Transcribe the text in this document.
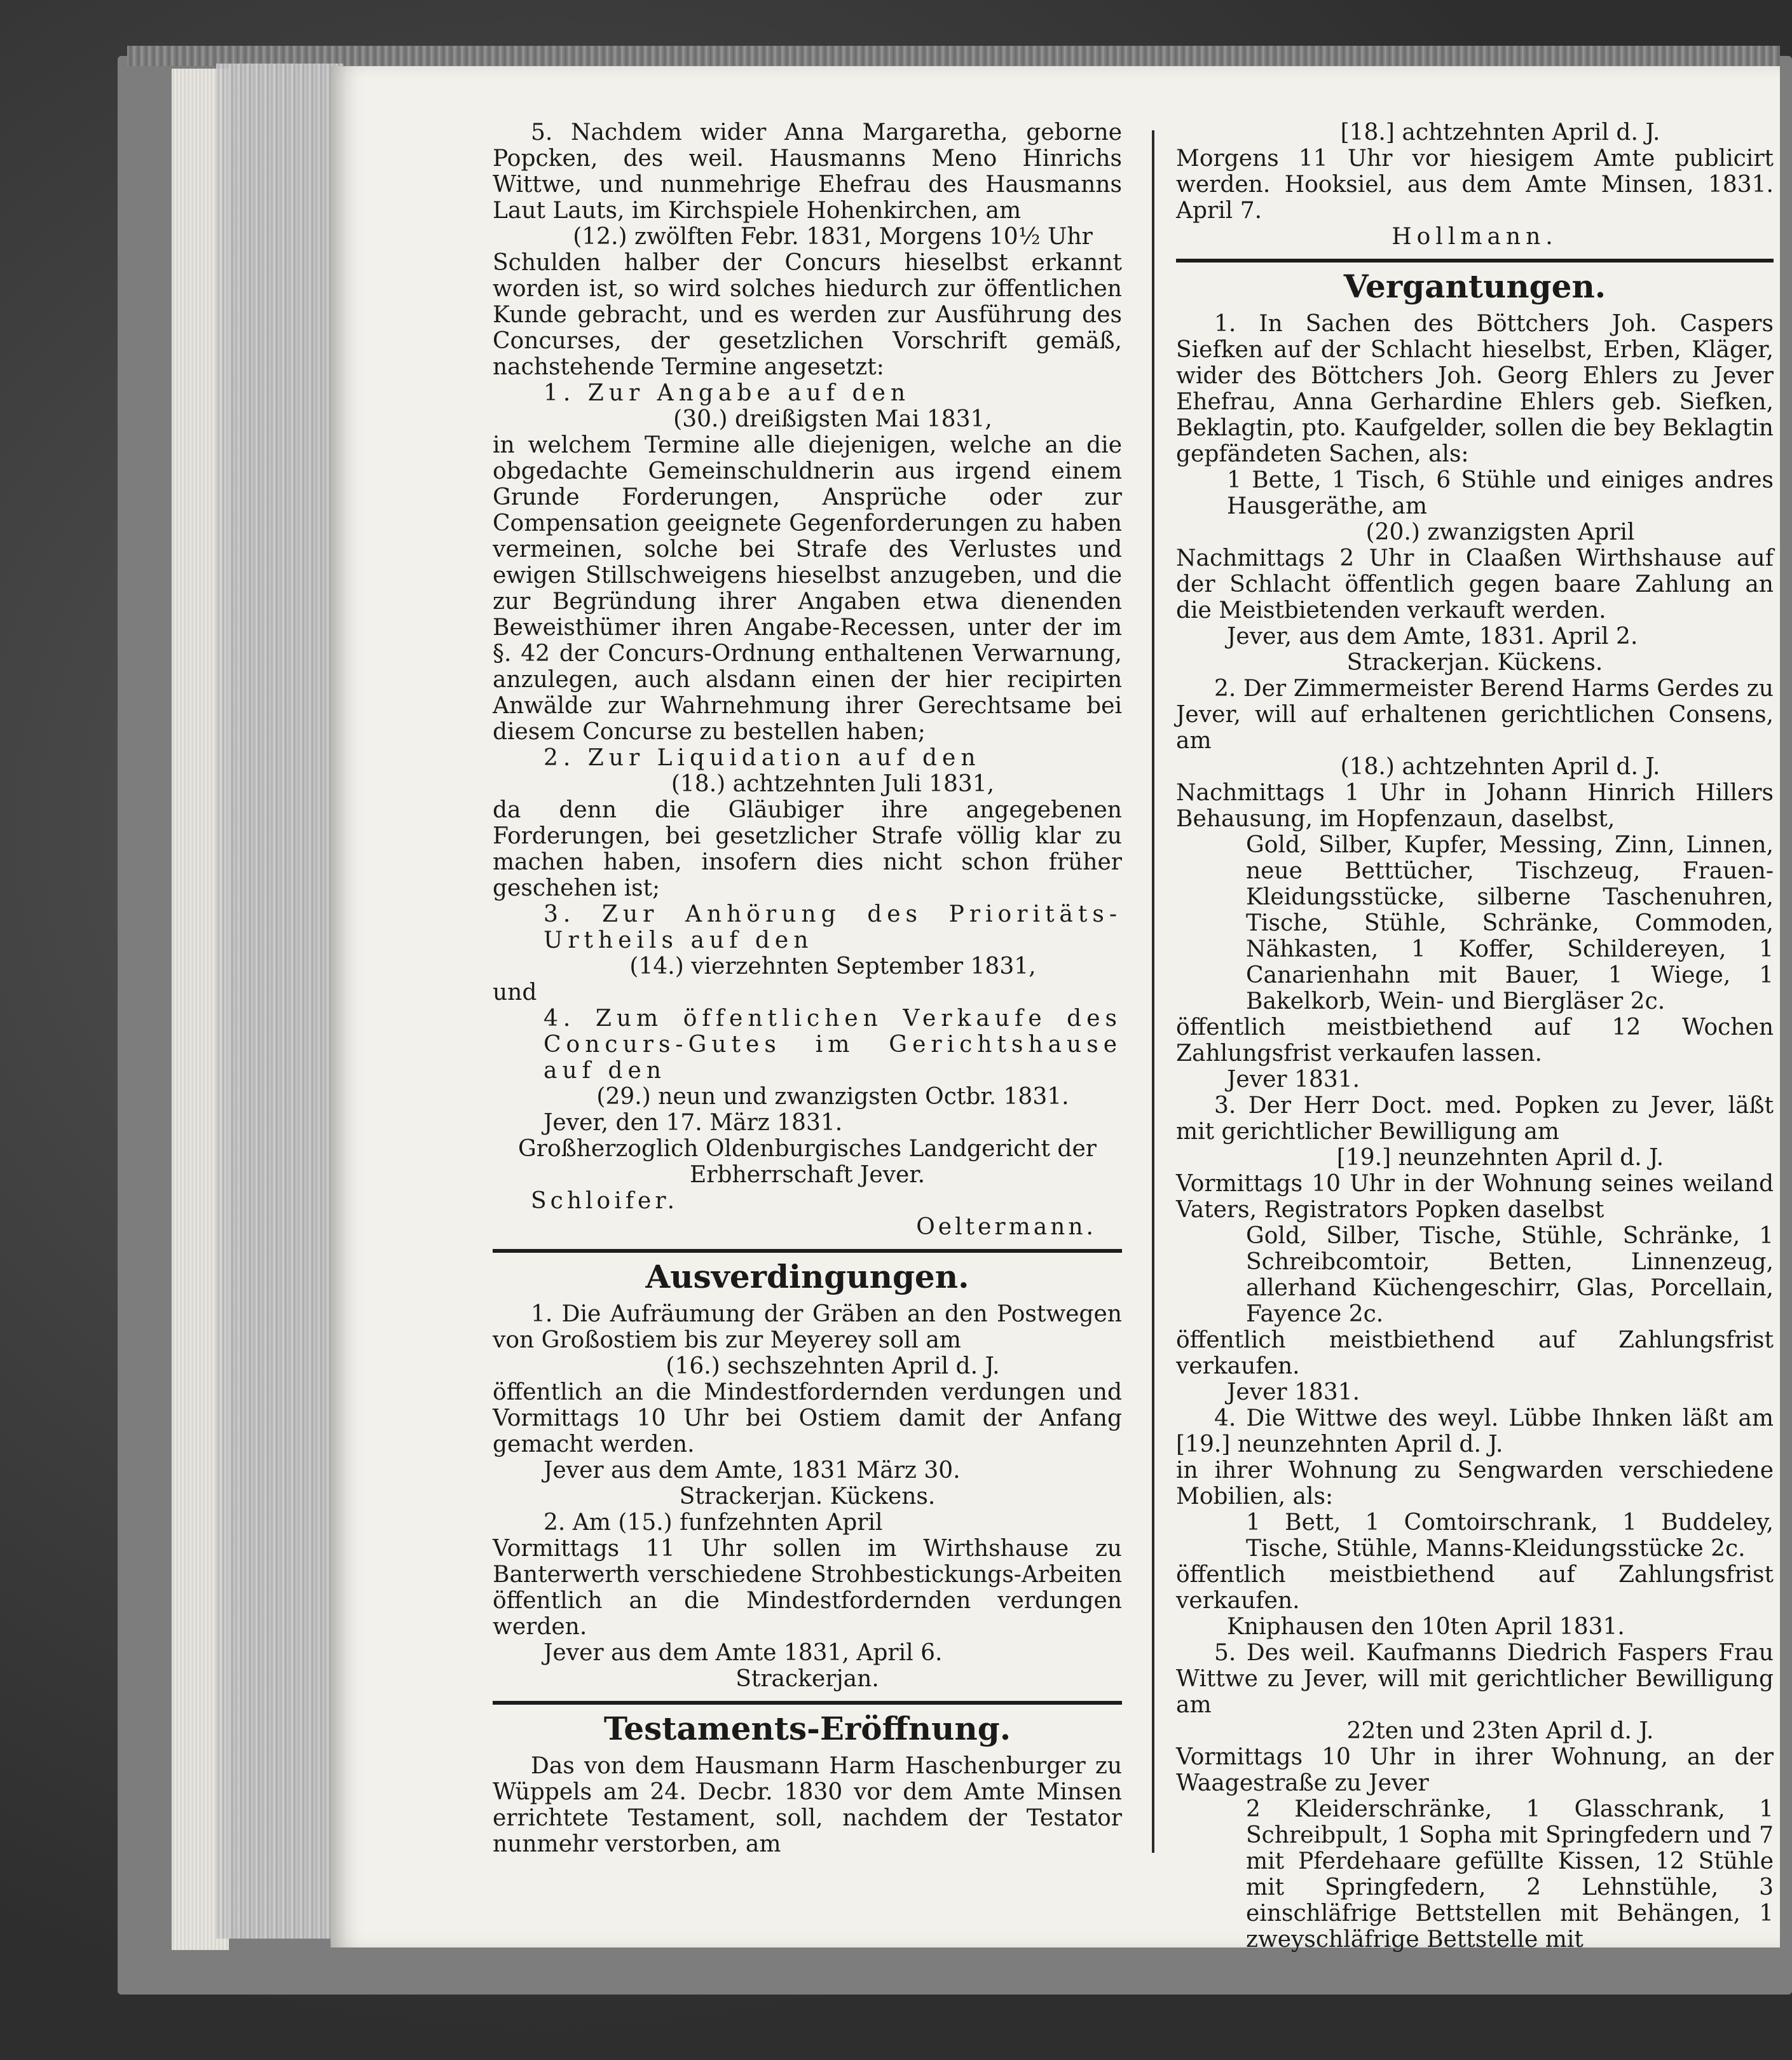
5. Nachdem wider Anna Margaretha, geborne Popcken, des weil. Hausmanns Meno Hinrichs Wittwe, und nunmehrige Ehefrau des Hausmanns Laut Lauts, im Kirchspiele Hohenkirchen, am

(12.) zwölften Febr. 1831, Morgens 10½ Uhr

Schulden halber der Concurs hieselbst erkannt worden ist, so wird solches hiedurch zur öffentlichen Kunde gebracht, und es werden zur Ausführung des Concurses, der gesetzlichen Vorschrift gemäß, nachstehende Termine angesetzt:

1. Zur Angabe auf den

(30.) dreißigsten Mai 1831,

in welchem Termine alle diejenigen, welche an die obgedachte Gemeinschuldnerin aus irgend einem Grunde Forderungen, Ansprüche oder zur Compensation geeignete Gegenforderungen zu haben vermeinen, solche bei Strafe des Verlustes und ewigen Stillschweigens hieselbst anzugeben, und die zur Begründung ihrer Angaben etwa dienenden Beweisthümer ihren Angabe-Recessen, unter der im §. 42 der Concurs-Ordnung enthaltenen Verwarnung, anzulegen, auch alsdann einen der hier recipirten Anwälde zur Wahrnehmung ihrer Gerechtsame bei diesem Concurse zu bestellen haben;

2. Zur Liquidation auf den

(18.) achtzehnten Juli 1831,

da denn die Gläubiger ihre angegebenen Forderungen, bei gesetzlicher Strafe völlig klar zu machen haben, insofern dies nicht schon früher geschehen ist;

3. Zur Anhörung des Prioritäts-Urtheils auf den

(14.) vierzehnten September 1831,

und

4. Zum öffentlichen Verkaufe des Concurs-Gutes im Gerichtshause auf den

(29.) neun und zwanzigsten Octbr. 1831.

Jever, den 17. März 1831.

Großherzoglich Oldenburgisches Landgericht der Erbherrschaft Jever.

Schloifer.

Oeltermann.

Ausverdingungen.

1. Die Aufräumung der Gräben an den Postwegen von Großostiem bis zur Meyerey soll am

(16.) sechszehnten April d. J.

öffentlich an die Mindestfordernden verdungen und Vormittags 10 Uhr bei Ostiem damit der Anfang gemacht werden.

Jever aus dem Amte, 1831 März 30.

Strackerjan. Kückens.

2. Am (15.) funfzehnten April

Vormittags 11 Uhr sollen im Wirthshause zu Banterwerth verschiedene Strohbestickungs-Arbeiten öffentlich an die Mindestfordernden verdungen werden.

Jever aus dem Amte 1831, April 6.

Strackerjan.

Testaments-Eröffnung.

Das von dem Hausmann Harm Haschenburger zu Wüppels am 24. Decbr. 1830 vor dem Amte Minsen errichtete Testament, soll, nachdem der Testator nunmehr verstorben, am

[18.] achtzehnten April d. J.

Morgens 11 Uhr vor hiesigem Amte publicirt werden. Hooksiel, aus dem Amte Minsen, 1831. April 7.

Hollmann.

Vergantungen.

1. In Sachen des Böttchers Joh. Caspers Siefken auf der Schlacht hieselbst, Erben, Kläger, wider des Böttchers Joh. Georg Ehlers zu Jever Ehefrau, Anna Gerhardine Ehlers geb. Siefken, Beklagtin, pto. Kaufgelder, sollen die bey Beklagtin gepfändeten Sachen, als:

1 Bette, 1 Tisch, 6 Stühle und einiges andres Hausgeräthe, am

(20.) zwanzigsten April

Nachmittags 2 Uhr in Claaßen Wirthshause auf der Schlacht öffentlich gegen baare Zahlung an die Meistbietenden verkauft werden.

Jever, aus dem Amte, 1831. April 2.

Strackerjan. Kückens.

2. Der Zimmermeister Berend Harms Gerdes zu Jever, will auf erhaltenen gerichtlichen Consens, am

(18.) achtzehnten April d. J.

Nachmittags 1 Uhr in Johann Hinrich Hillers Behausung, im Hopfenzaun, daselbst,

Gold, Silber, Kupfer, Messing, Zinn, Linnen, neue Betttücher, Tischzeug, Frauen-Kleidungsstücke, silberne Taschenuhren, Tische, Stühle, Schränke, Commoden, Nähkasten, 1 Koffer, Schildereyen, 1 Canarienhahn mit Bauer, 1 Wiege, 1 Bakelkorb, Wein- und Biergläser 2c.

öffentlich meistbiethend auf 12 Wochen Zahlungsfrist verkaufen lassen.

Jever 1831.

3. Der Herr Doct. med. Popken zu Jever, läßt mit gerichtlicher Bewilligung am

[19.] neunzehnten April d. J.

Vormittags 10 Uhr in der Wohnung seines weiland Vaters, Registrators Popken daselbst

Gold, Silber, Tische, Stühle, Schränke, 1 Schreibcomtoir, Betten, Linnenzeug, allerhand Küchengeschirr, Glas, Porcellain, Fayence 2c.

öffentlich meistbiethend auf Zahlungsfrist verkaufen.

Jever 1831.

4. Die Wittwe des weyl. Lübbe Ihnken läßt am [19.] neunzehnten April d. J.

in ihrer Wohnung zu Sengwarden verschiedene Mobilien, als:

1 Bett, 1 Comtoirschrank, 1 Buddeley, Tische, Stühle, Manns-Kleidungsstücke 2c.

öffentlich meistbiethend auf Zahlungsfrist verkaufen.

Kniphausen den 10ten April 1831.

5. Des weil. Kaufmanns Diedrich Faspers Frau Wittwe zu Jever, will mit gerichtlicher Bewilligung am

22ten und 23ten April d. J.

Vormittags 10 Uhr in ihrer Wohnung, an der Waagestraße zu Jever

2 Kleiderschränke, 1 Glasschrank, 1 Schreibpult, 1 Sopha mit Springfedern und 7 mit Pferdehaare gefüllte Kissen, 12 Stühle mit Springfedern, 2 Lehnstühle, 3 einschläfrige Bettstellen mit Behängen, 1 zweyschläfrige Bettstelle mit
